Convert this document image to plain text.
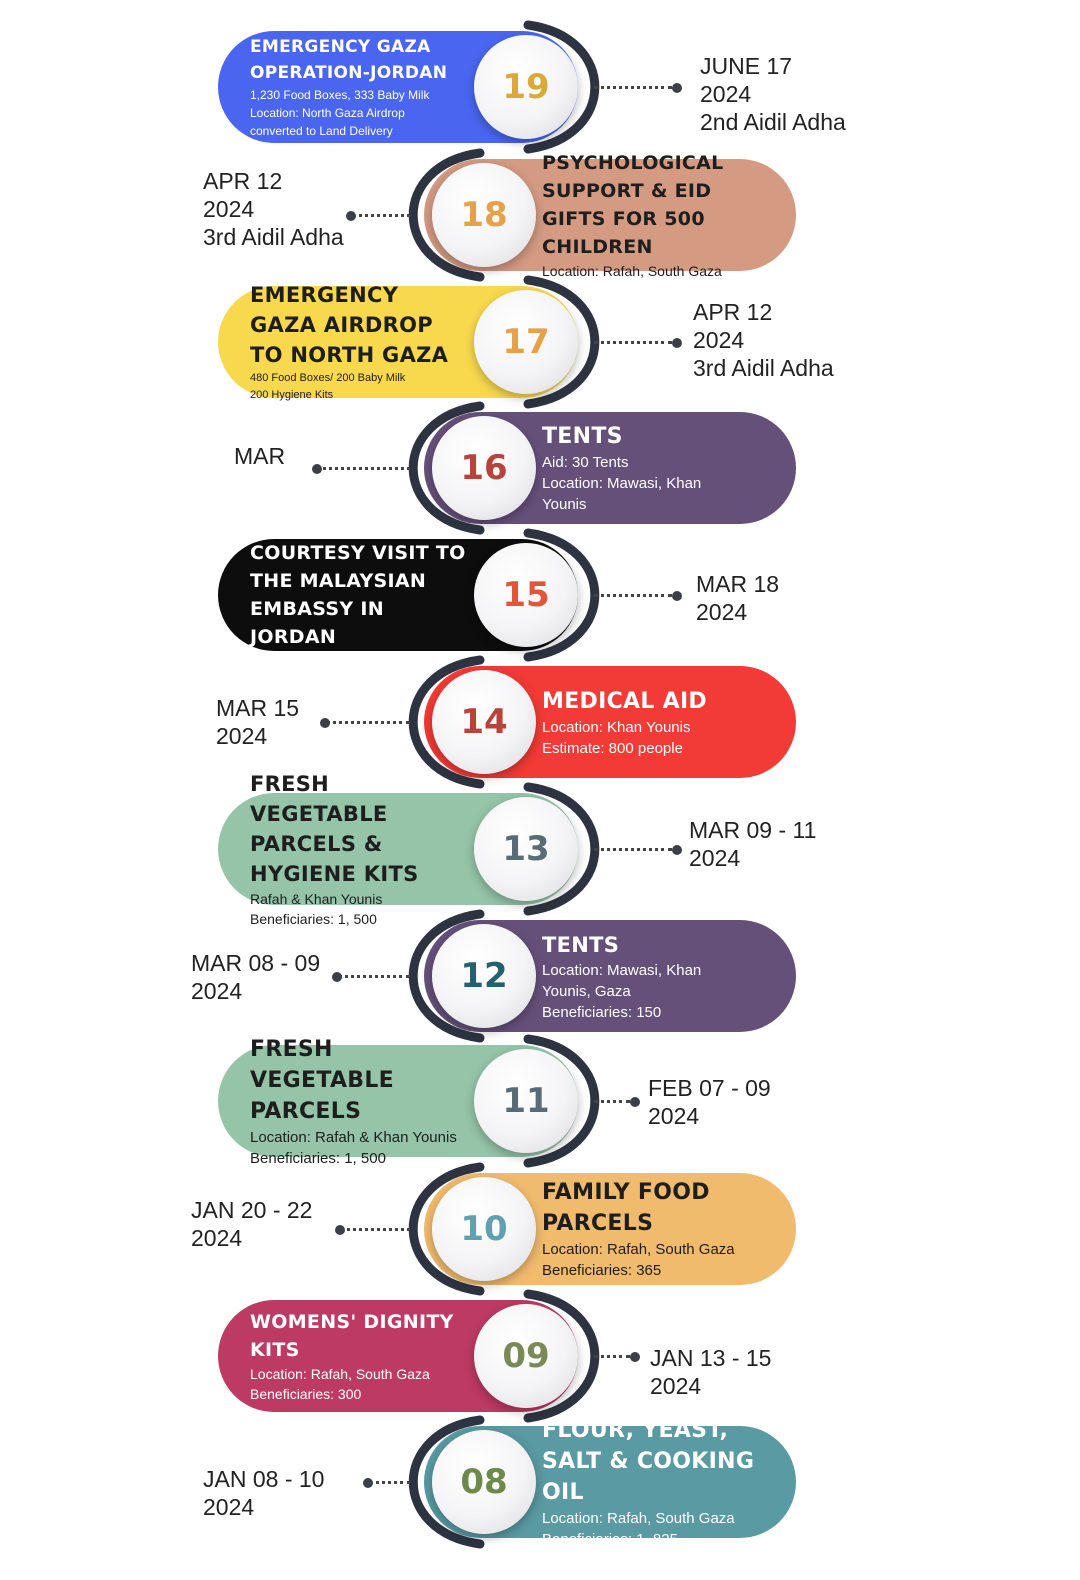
EMERGENCY GAZA OPERATION-JORDAN
1,230 Food Boxes, 333 Baby Milk
Location: North Gaza Airdrop
converted to Land Delivery
19
JUNE 17
2024
2nd Aidil Adha
PSYCHOLOGICAL SUPPORT & EID GIFTS FOR 500 CHILDREN
Location: Rafah, South Gaza
18
APR 12
2024
3rd Aidil Adha
EMERGENCY GAZA AIRDROP TO NORTH GAZA
480 Food Boxes/ 200 Baby Milk
200 Hygiene Kits
17
APR 12
2024
3rd Aidil Adha
TENTS
Aid: 30 Tents
Location: Mawasi, Khan
Younis
16
MAR
COURTESY VISIT TO THE MALAYSIAN EMBASSY IN JORDAN
15	MAR 18
2024
MEDICAL AID
Location: Khan Younis
Estimate: 800 people
14
MAR 15
2024
FRESH VEGETABLE PARCELS & HYGIENE KITS
Rafah & Khan Younis
Beneficiaries: 1, 500
13	MAR 09 - 11
2024
TENTS
Location: Mawasi, Khan
Younis, Gaza
Beneficiaries: 150
12
MAR 08 - 09
2024
FRESH VEGETABLE PARCELS
Location: Rafah & Khan Younis
Beneficiaries: 1, 500
11	FEB 07 - 09
2024
FAMILY FOOD PARCELS
Location: Rafah, South Gaza
Beneficiaries: 365
10
JAN 20 - 22
2024
WOMENS' DIGNITY KITS
Location: Rafah, South Gaza
Beneficiaries: 300
09	JAN 13 - 15
2024
FLOUR, YEAST, SALT & COOKING OIL
Location: Rafah, South Gaza
Beneficiaries: 1, 825
08
JAN 08 - 10
2024
